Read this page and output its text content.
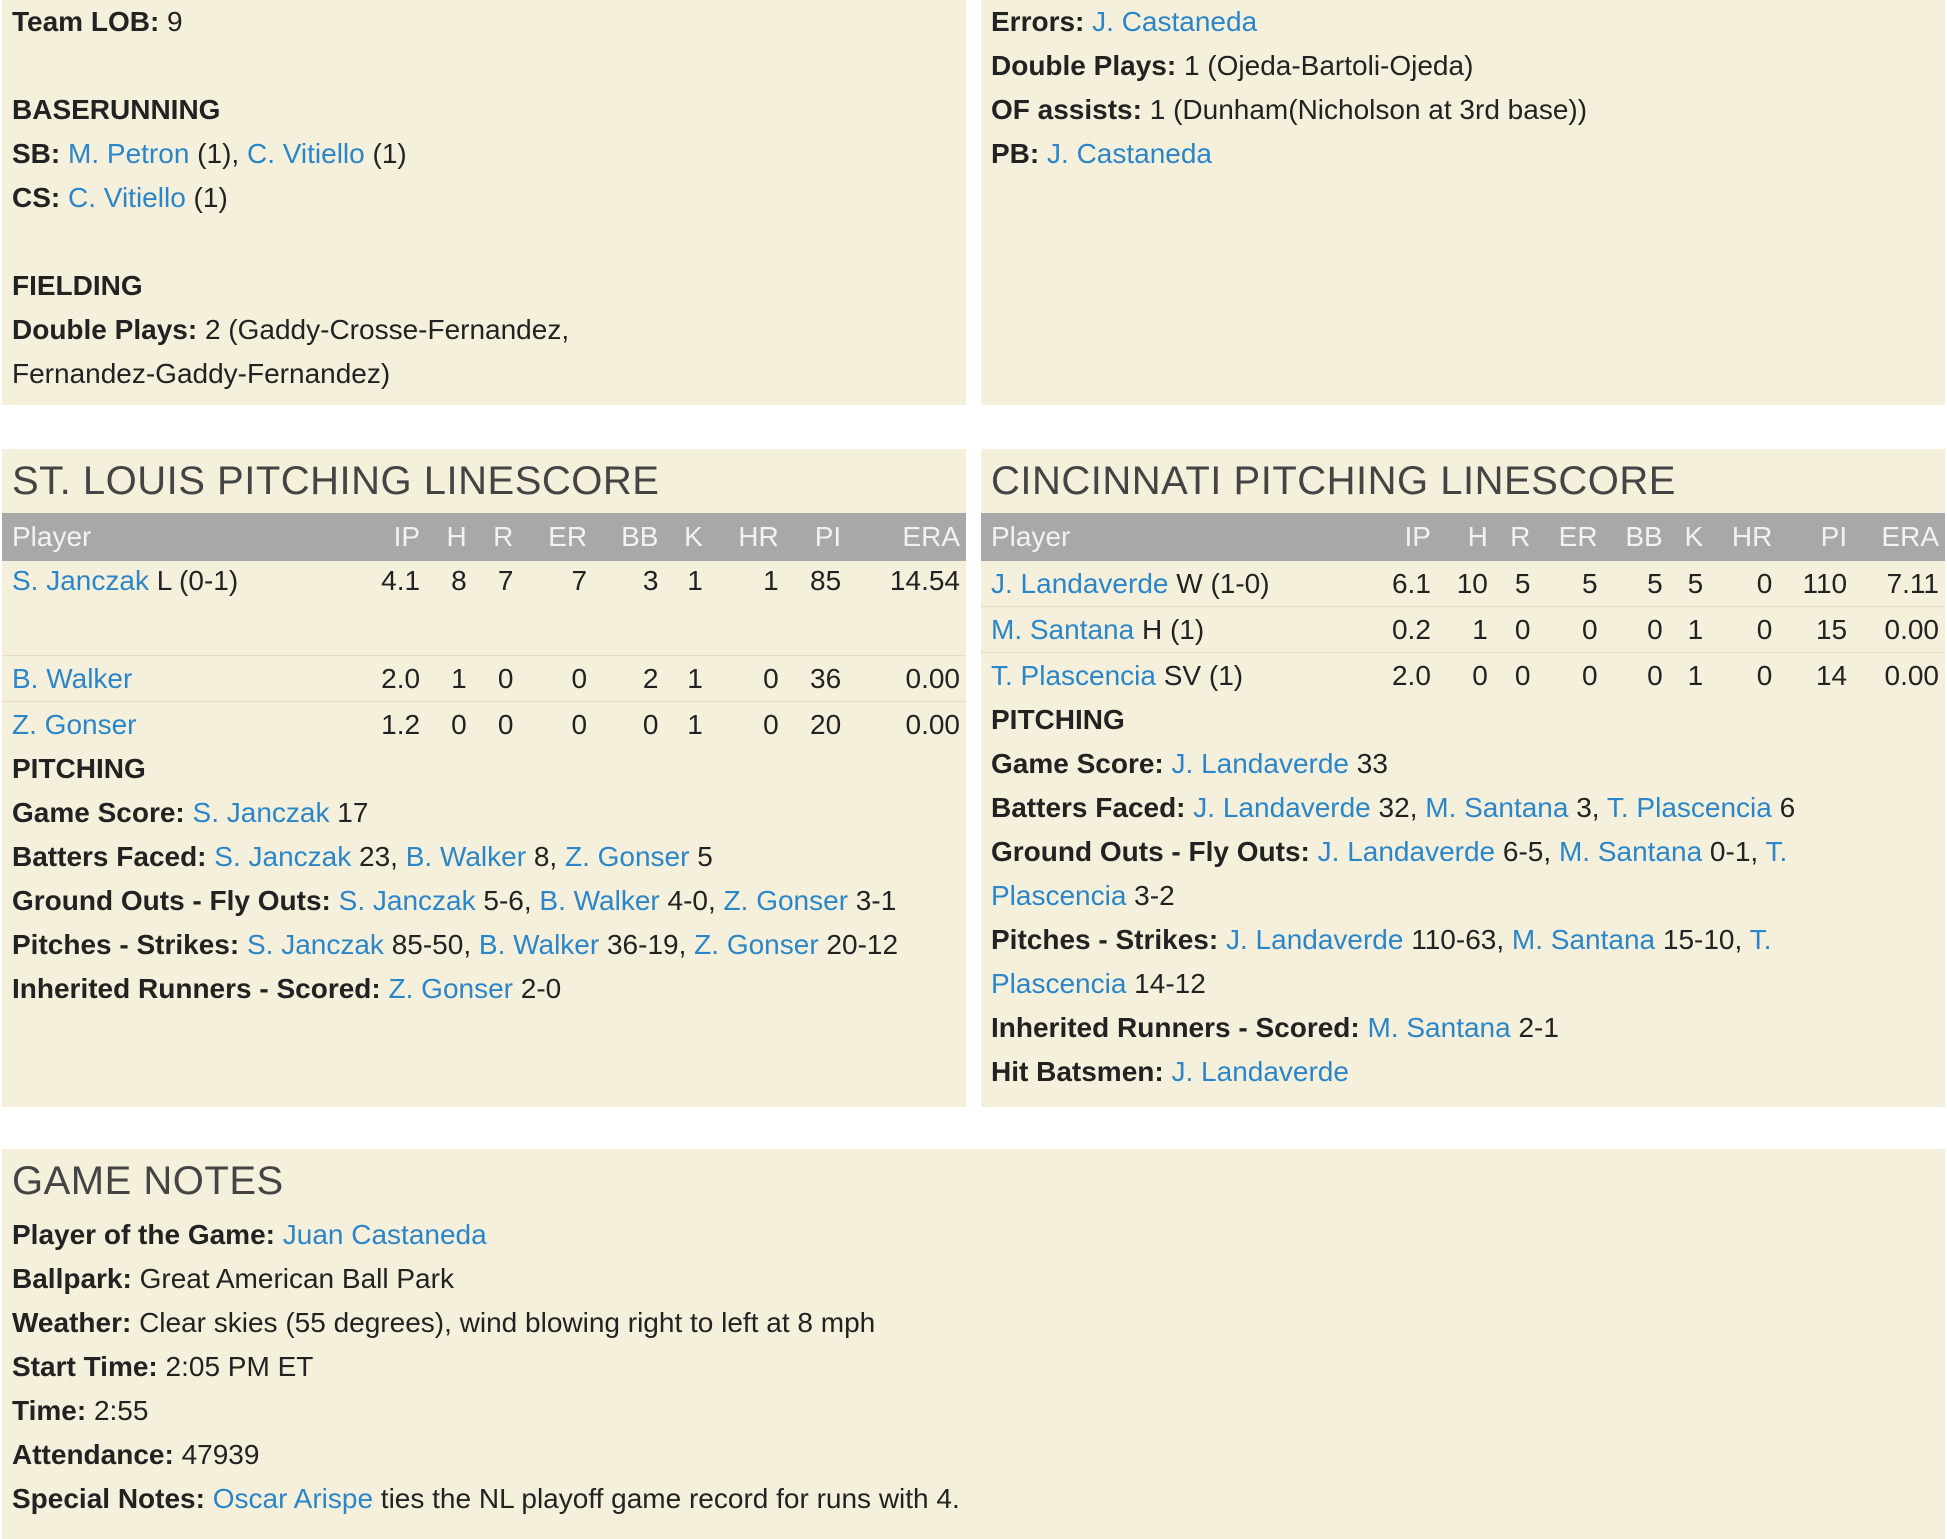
Team LOB: 9
BASERUNNING
SB: M. Petron (1), C. Vitiello (1)
CS: C. Vitiello (1)
FIELDING
Double Plays: 2 (Gaddy-Crosse-Fernandez,
Fernandez-Gaddy-Fernandez)
Errors: J. Castaneda
Double Plays: 1 (Ojeda-Bartoli-Ojeda)
OF assists: 1 (Dunham(Nicholson at 3rd base))
PB: J. Castaneda
ST. LOUIS PITCHING LINESCORE
Player	IP	H	R	ER	BB	K	HR	PI	ERA
S. Janczak L (0-1)	4.1	8	7	7	3	1	1	85	14.54
B. Walker	2.0	1	0	0	2	1	0	36	0.00
Z. Gonser	1.2	0	0	0	0	1	0	20	0.00
PITCHING
Game Score: S. Janczak 17
Batters Faced: S. Janczak 23, B. Walker 8, Z. Gonser 5
Ground Outs - Fly Outs: S. Janczak 5-6, B. Walker 4-0, Z. Gonser 3-1
Pitches - Strikes: S. Janczak 85-50, B. Walker 36-19, Z. Gonser 20-12
Inherited Runners - Scored: Z. Gonser 2-0
CINCINNATI PITCHING LINESCORE
Player	IP	H	R	ER	BB	K	HR	PI	ERA
J. Landaverde W (1-0)	6.1	10	5	5	5	5	0	110	7.11
M. Santana H (1)	0.2	1	0	0	0	1	0	15	0.00
T. Plascencia SV (1)	2.0	0	0	0	0	1	0	14	0.00
PITCHING
Game Score: J. Landaverde 33
Batters Faced: J. Landaverde 32, M. Santana 3, T. Plascencia 6
Ground Outs - Fly Outs: J. Landaverde 6-5, M. Santana 0-1, T.
Plascencia 3-2
Pitches - Strikes: J. Landaverde 110-63, M. Santana 15-10, T.
Plascencia 14-12
Inherited Runners - Scored: M. Santana 2-1
Hit Batsmen: J. Landaverde
GAME NOTES
Player of the Game: Juan Castaneda
Ballpark: Great American Ball Park
Weather: Clear skies (55 degrees), wind blowing right to left at 8 mph
Start Time: 2:05 PM ET
Time: 2:55
Attendance: 47939
Special Notes: Oscar Arispe ties the NL playoff game record for runs with 4.
